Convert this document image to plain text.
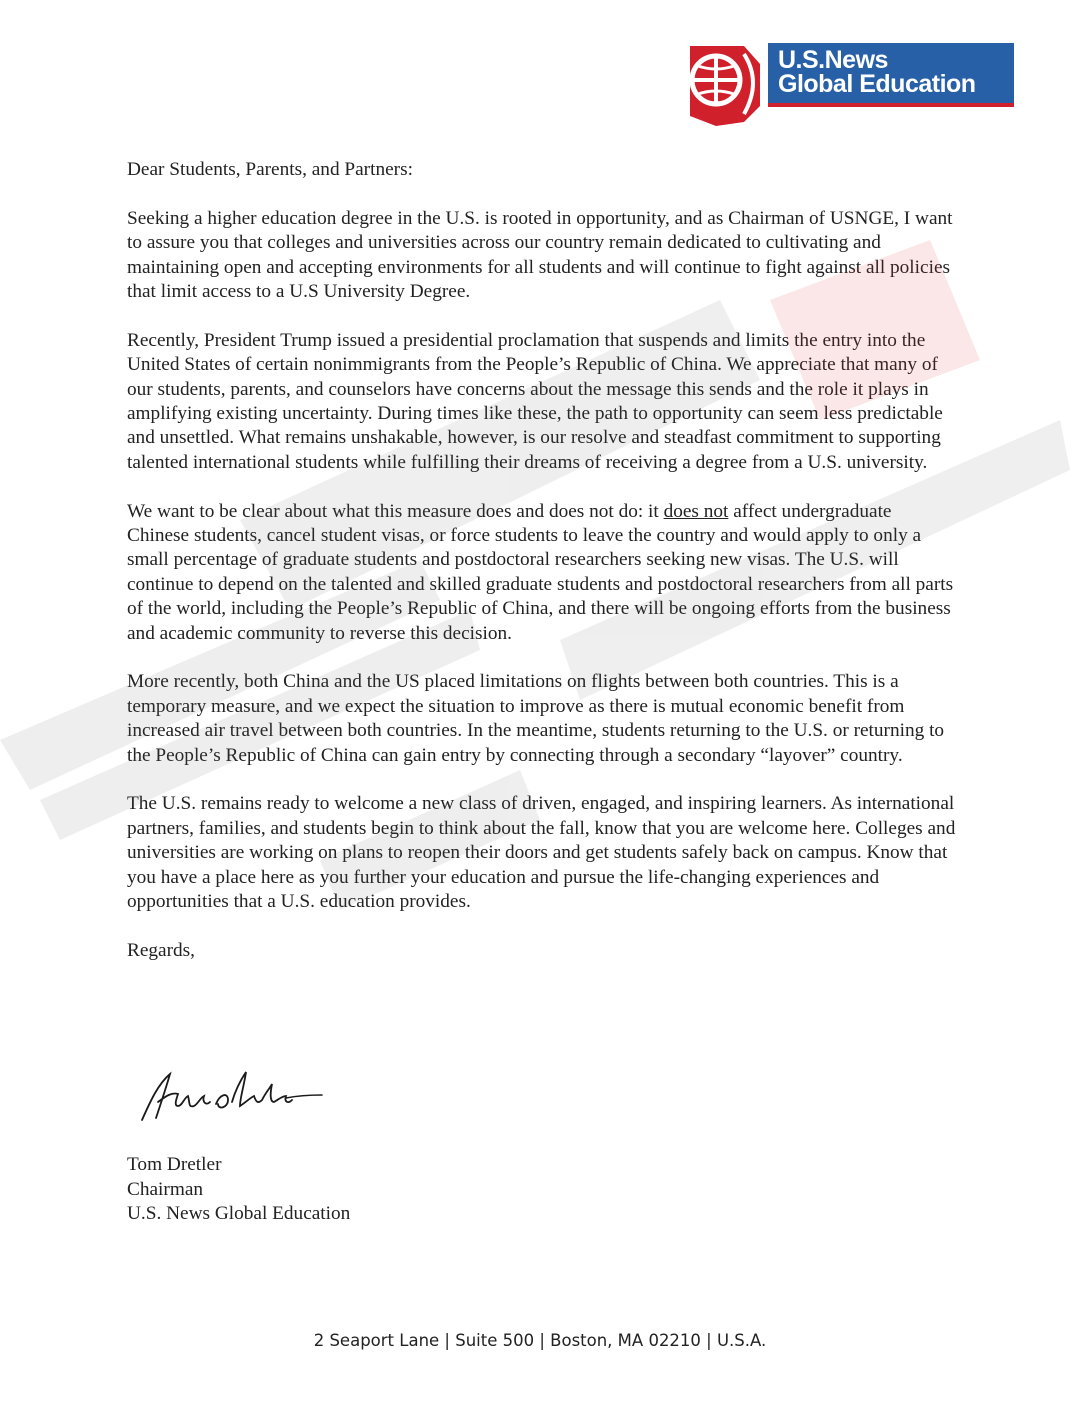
U.S.News
Global Education

Dear Students, Parents, and Partners:

Seeking a higher education degree in the U.S. is rooted in opportunity, and as Chairman of USNGE, I want to assure you that colleges and universities across our country remain dedicated to cultivating and maintaining open and accepting environments for all students and will continue to fight against all policies that limit access to a U.S University Degree.

Recently, President Trump issued a presidential proclamation that suspends and limits the entry into the United States of certain nonimmigrants from the People’s Republic of China. We appreciate that many of our students, parents, and counselors have concerns about the message this sends and the role it plays in amplifying existing uncertainty. During times like these, the path to opportunity can seem less predictable and unsettled. What remains unshakable, however, is our resolve and steadfast commitment to supporting talented international students while fulfilling their dreams of receiving a degree from a U.S. university.

We want to be clear about what this measure does and does not do: it does not affect undergraduate Chinese students, cancel student visas, or force students to leave the country and would apply to only a small percentage of graduate students and postdoctoral researchers seeking new visas. The U.S. will continue to depend on the talented and skilled graduate students and postdoctoral researchers from all parts of the world, including the People’s Republic of China, and there will be ongoing efforts from the business and academic community to reverse this decision.

More recently, both China and the US placed limitations on flights between both countries. This is a temporary measure, and we expect the situation to improve as there is mutual economic benefit from increased air travel between both countries. In the meantime, students returning to the U.S. or returning to the People’s Republic of China can gain entry by connecting through a secondary “layover” country.

The U.S. remains ready to welcome a new class of driven, engaged, and inspiring learners. As international partners, families, and students begin to think about the fall, know that you are welcome here. Colleges and universities are working on plans to reopen their doors and get students safely back on campus. Know that you have a place here as you further your education and pursue the life-changing experiences and opportunities that a U.S. education provides.

Regards,

Tom Dretler
Chairman
U.S. News Global Education
2 Seaport Lane | Suite 500 | Boston, MA 02210 | U.S.A.
